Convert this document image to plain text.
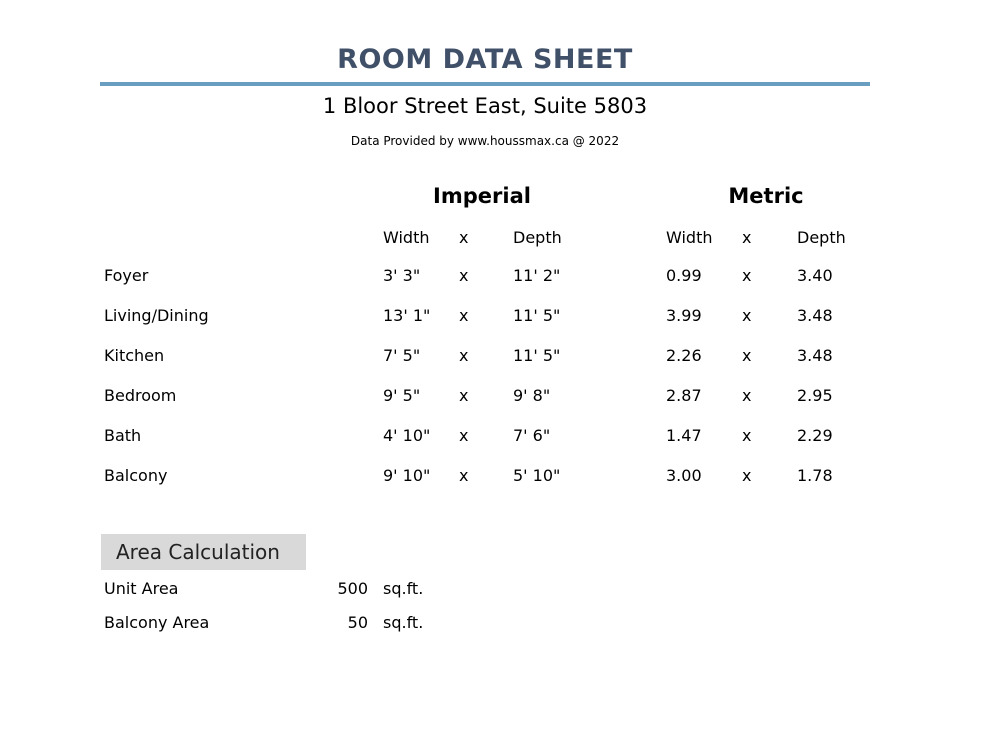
ROOM DATA SHEET
1 Bloor Street East, Suite 5803
Data Provided by www.houssmax.ca @ 2022
Imperial	Metric
Width x	Depth	Width x	Depth
Foyer	3' 3" x	11' 2"	0.99	x	3.40
Living/Dining	13' 1" x	11' 5"	3.99	x	3.48
Kitchen	7' 5" x	11' 5"	2.26	x	3.48
Bedroom	9' 5" x	9' 8"	2.87	x	2.95
Bath	4' 10" x	7' 6"	1.47	x	2.29
Balcony	9' 10" x	5' 10"	3.00	x	1.78
Area Calculation
Unit Area	500 sq.ft.
Balcony Area	50 sq.ft.
